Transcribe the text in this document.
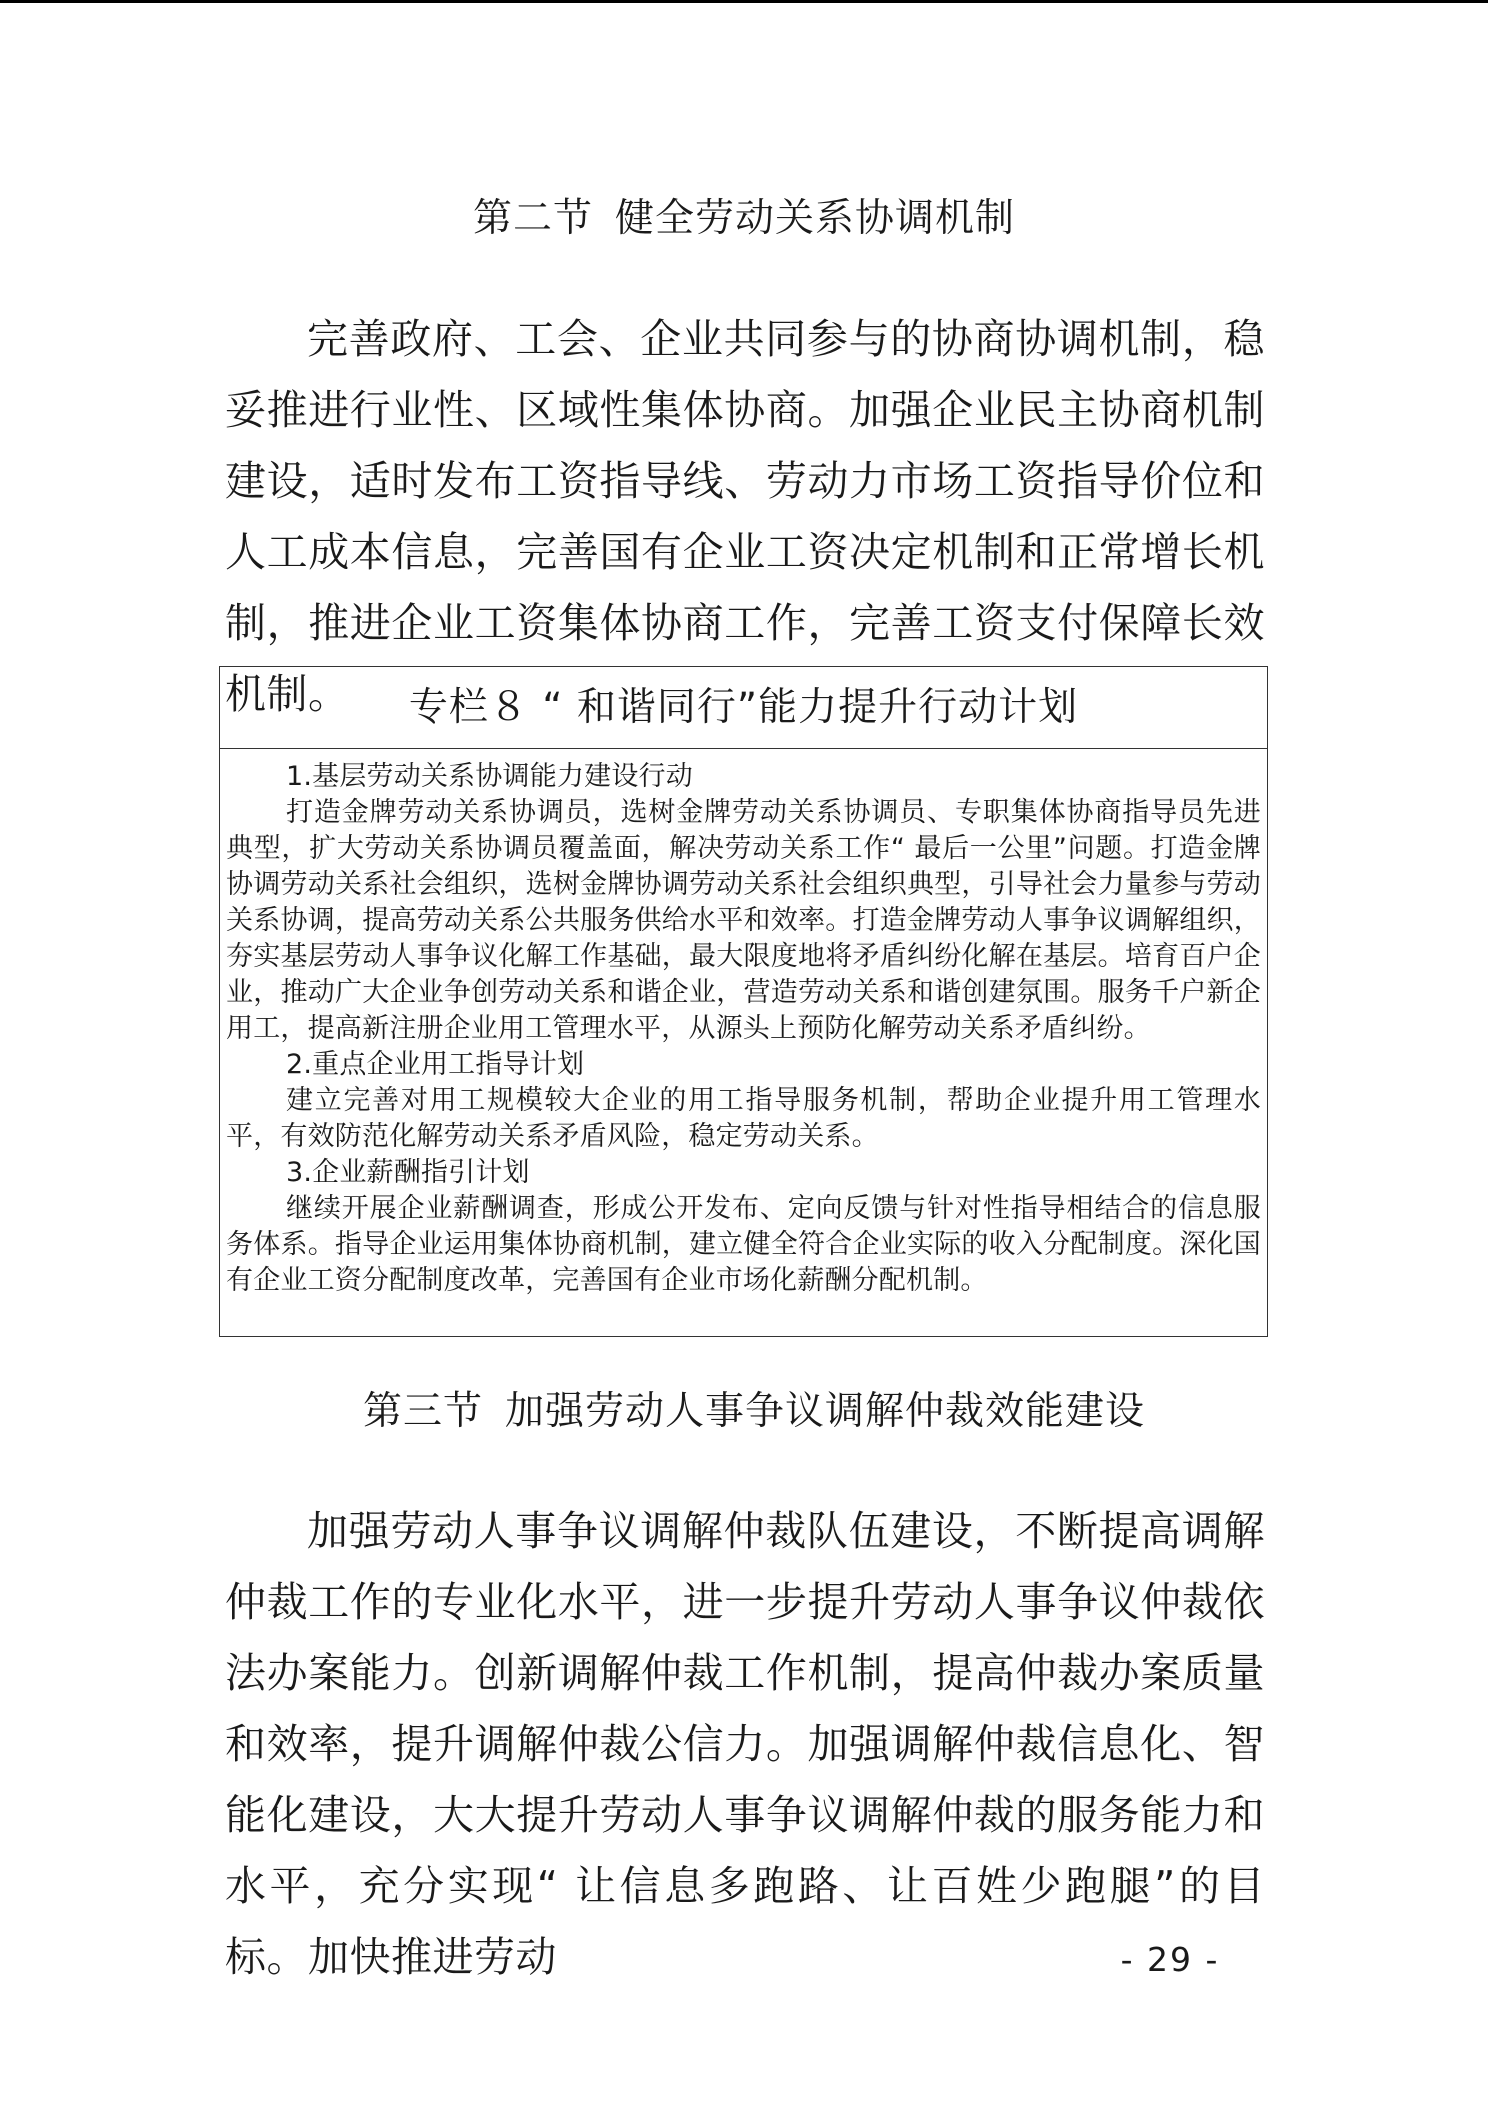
第二节 健全劳动关系协调机制

完善政府、工会、企业共同参与的协商协调机制，稳妥推进行业性、区域性集体协商。加强企业民主协商机制建设，适时发布工资指导线、劳动力市场工资指导价位和人工成本信息，完善国有企业工资决定机制和正常增长机制，推进企业工资集体协商工作，完善工资支付保障长效机制。	专栏８ “ 和谐同行”能力提升行动计划

1.基层劳动关系协调能力建设行动

打造金牌劳动关系协调员，选树金牌劳动关系协调员、专职集体协商指导员先进典型，扩大劳动关系协调员覆盖面，解决劳动关系工作“ 最后一公里”问题。打造金牌协调劳动关系社会组织，选树金牌协调劳动关系社会组织典型，引导社会力量参与劳动关系协调，提高劳动关系公共服务供给水平和效率。打造金牌劳动人事争议调解组织，夯实基层劳动人事争议化解工作基础，最大限度地将矛盾纠纷化解在基层。培育百户企业，推动广大企业争创劳动关系和谐企业，营造劳动关系和谐创建氛围。服务千户新企用工，提高新注册企业用工管理水平，从源头上预防化解劳动关系矛盾纠纷。

2.重点企业用工指导计划

建立完善对用工规模较大企业的用工指导服务机制，帮助企业提升用工管理水平，有效防范化解劳动关系矛盾风险，稳定劳动关系。

3.企业薪酬指引计划

继续开展企业薪酬调查，形成公开发布、定向反馈与针对性指导相结合的信息服务体系。指导企业运用集体协商机制，建立健全符合企业实际的收入分配制度。深化国有企业工资分配制度改革，完善国有企业市场化薪酬分配机制。

第三节 加强劳动人事争议调解仲裁效能建设

加强劳动人事争议调解仲裁队伍建设，不断提高调解仲裁工作的专业化水平，进一步提升劳动人事争议仲裁依法办案能力。创新调解仲裁工作机制，提高仲裁办案质量和效率，提升调解仲裁公信力。加强调解仲裁信息化、智能化建设，大大提升劳动人事争议调解仲裁的服务能力和水平，充分实现“ 让信息多跑路、让百姓少跑腿”的目标。加快推进劳动	- 29 -
